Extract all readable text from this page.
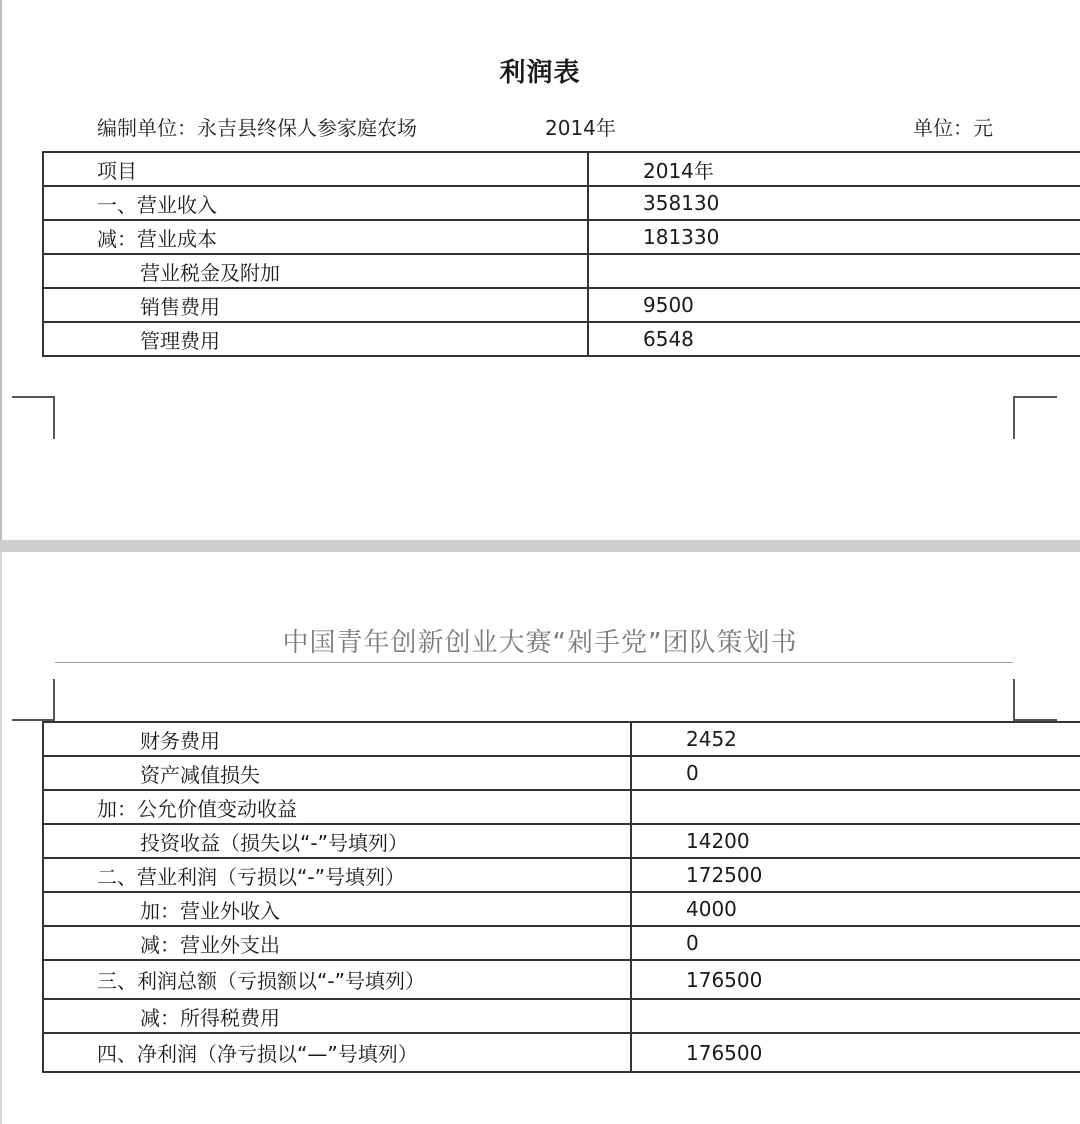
利润表
编制单位：永吉县终保人参家庭农场	2014年	单位：元
项目	2014年
一、营业收入	358130
减：营业成本	181330
营业税金及附加	
销售费用	9500
管理费用	6548
中国青年创新创业大赛“剁手党”团队策划书
财务费用	2452
资产减值损失	0
加：公允价值变动收益	
投资收益（损失以“-”号填列）	14200
二、营业利润（亏损以“-”号填列）	172500
加：营业外收入	4000
减：营业外支出	0
三、利润总额（亏损额以“-”号填列）	176500
减：所得税费用	
四、净利润（净亏损以“—”号填列）	176500
